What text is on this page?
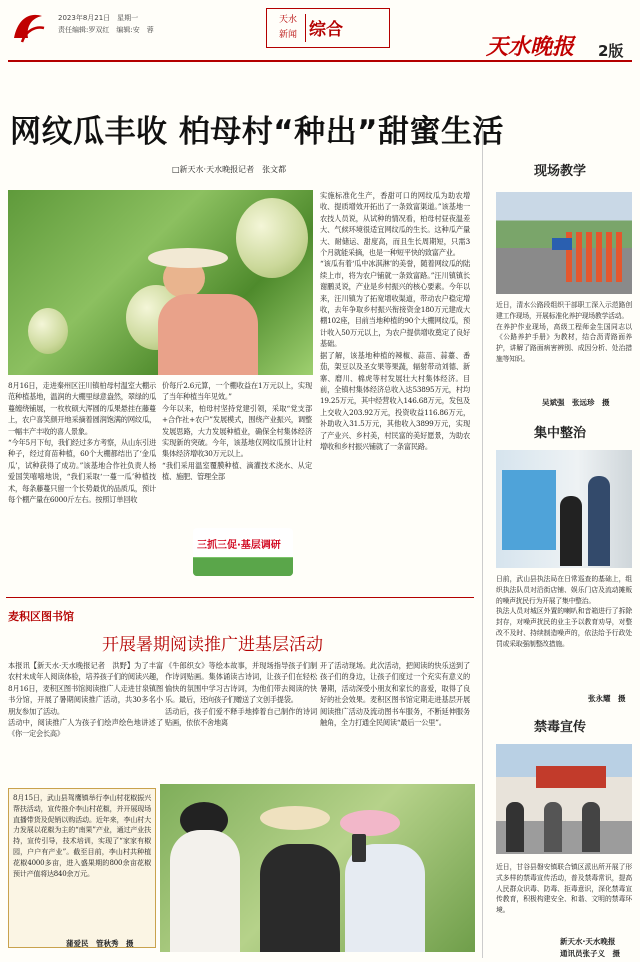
2023年8月21日　星期一
责任编辑:罗双红　编辑:安　蓉
天水
新闻 综合
天水晚报 2版
网纹瓜丰收 柏母村“种出”甜蜜生活
□新天水·天水晚报记者　张文都
8月16日，走进秦州区汪川镇柏母村温室大棚示范种植基地，温润的大棚里绿意盎然，翠绿的瓜蔓缠绕铺展，一枚枚硕大浑圆的瓜果悬挂在藤蔓上，农户喜笑颜开地采摘着圆润饱满的网纹瓜，一幅丰产丰收的喜人景象。
“今年5月下旬，我们经过多方考察，从山东引进种子，经过育苗种植，60个大棚都结出了‘金瓜瓜’，试种获得了成功。”该基地合作社负责人杨爱国笑嘻嘻地说，“我们采取‘一蔓一瓜’种植技术，每条藤蔓只留一个长势最优的品质瓜，预计每个棚产量在6000斤左右。按照订单回收
价每斤2.6元算，一个棚收益在1万元以上，实现了当年种植当年见效。”
今年以来，柏母村坚持党建引领，采取“党支部+合作社+农户”发展模式，围绕产业振兴，调整发展思路，大力发展种植业，确保全村集体经济实现新的突破。今年，该基地仅网纹瓜预计让村集体经济增收30万元以上。
“我们采用温室覆膜种植、滴灌技术浇水、从定植、施肥、管理全部
三抓三促·基层调研
实施标准化生产，香甜可口的网纹瓜为助农增收、提质增效开拓出了一条致富渠道。”该基地一农技人员说，从试种的情况看，柏母村昼夜温差大、气候环境很适宜网纹瓜的生长。这种瓜产量大、耐储运、甜度高，而且生长周期短，只需3个月就能采摘，也是一种短平快的致富产业。
“该瓜有着‘瓜中冰淇淋’的美誉，随着网纹瓜的陆续上市，将为农户铺就一条致富路。”汪川镇镇长谢鹏灵说，产业是乡村振兴的核心要素。今年以来，汪川镇为了拓宽增收渠道，带动农户稳定增收，去年争取乡村振兴衔接资金180万元建成大棚102座，目前当地种植的90个大棚网纹瓜，预计收入50万元以上，为农户提供增收奠定了良好基础。
据了解，该基地种植的辣椒、蒜苗、蒜薹、番茄，架豆以及圣女果等果蔬，辐射带动刘德、新寨、磨川、棉虎等村发展壮大村集体经济。目前，全镇村集体经济总收入达53895万元，村均19.25万元，其中经营收入146.68万元，发包及上交收入203.92万元，投资收益116.86万元，补助收入31.5万元，其他收入3899万元，实现了产业兴、乡村美，村民富的美好愿景，为助农增收和乡村振兴铺就了一条富民路。
麦积区图书馆
开展暑期阅读推广进基层活动
本报讯【新天水·天水晚报记者　洪野】为了丰富农村未成年人阅读体验，培养孩子们的阅读兴趣，8月16日，麦积区图书馆阅读推广人走进甘泉镇图书分馆，开展了暑期阅读推广活动，共30多名小朋友参加了活动。
活动中，阅读推广人为孩子们绘声绘色地讲述了《你一定会长高》
《牛郎织女》等绘本故事，并现场指导孩子们制作诗词贴画。集体诵读古诗词，让孩子们在轻松愉快的氛围中学习古诗词，为他们带去阅读的快乐。最后，还向孩子们赠送了文创手提袋。
活动后，孩子们爱不释手地捧着自己制作的诗词贴画，依依不舍地离
开了活动现场。此次活动，把阅读的快乐送到了孩子们的身边，让孩子们度过一个充实有意义的暑期，活动深受小朋友和家长的喜爱，取得了良好的社会效果。麦积区图书馆定期走进基层开展阅读推广活动及流动图书车服务，不断延伸服务触角，全力打通全民阅读“最后一公里”。
8月15日，武山县驾鹰镇举行李山村花椒振兴帮扶活动，宣传推介李山村花椒，并开展现场直播带货及促销以购活动。近年来，李山村大力发展以花椒为主的“南果”产业，通过产业扶持，宣传引导，技术培训，实现了“家家有椒园，户户有产业”。截至目前，李山村共种植花椒4000多亩，进入盛果期的800余亩花椒预计产值将达840余万元。
蒲爱民　管秋秀　摄
现场教学
近日，清水公路段组织干部职工深入示范路创建工作现场，开展标准化养护现场教学活动。
在养护作业现场，高级工程师金生国同志以《公路养护手册》为教材，结合沥青路面养护，讲解了路面病害辨别、成因分析、处治措施等知识。
吴斌强　张远珍　摄
集中整治
日前，武山县执法局在日常巡查的基础上，组织执法队员对沿街店铺、娱乐门店及流动摊贩的噪声扰民行为开展了集中整治。
执法人员对城区外置的喇叭和音箱进行了拆除封存，对噪声扰民的业主予以教育劝导，对整改不及时、持续制造噪声的，依法给予行政处罚或采取强制整改措施。
张永耀　摄
禁毒宣传
近日，甘谷县磐安镇联合镇区派出所开展了形式多样的禁毒宣传活动，普及禁毒常识，提高人民群众识毒、防毒、拒毒意识，深化禁毒宣传教育，积极构建安全、和谐、文明的禁毒环境。
新天水·天水晚报
通讯员张子义　摄
